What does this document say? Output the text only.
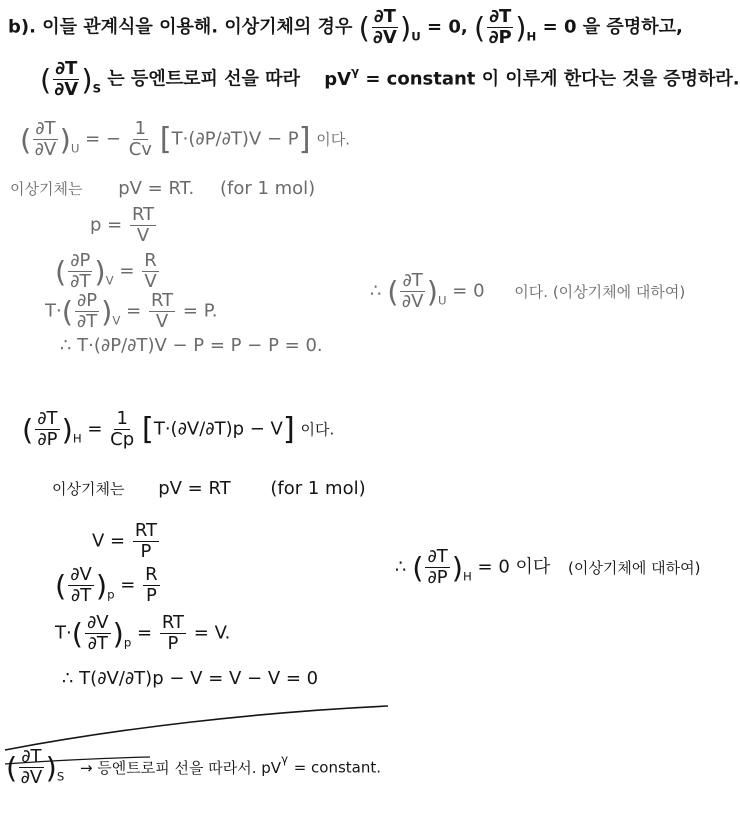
b). 이들 관계식을 이용해. 이상기체의 경우 ( $\frac{\partial T}{\partial V} )_U = 0$, ( $\frac{\partial T}{\partial P} )_H = 0$ 을 증명하고,
( $\frac{\partial T}{\partial V} )_S$ 는 등엔트로피 선을 따라 $pV^\gamma$ = constant 이 이루게 한다는 것을 증명하라.
( $\frac{\partial T}{\partial V} )_U$ = − $\frac{1}{Cv} [T\cdot(\partial P/\partial T)V - P]$ 이다.
이상기체는 pV = RT. (for 1 mol)
$p = \frac{RT}{V}$
( $\frac{\partial P}{\partial T} )_V = \frac{R}{V}$
$T\cdot( \frac{\partial P}{\partial T} )_V = \frac{RT}{V} = P$.
∴ T·(∂P/∂T)V − P = P − P = 0.
∴ ( $\frac{\partial T}{\partial V} )_U = 0$ 이다. (이상기체에 대하여)
( $\frac{\partial T}{\partial P} )_H = \frac{1}{Cp} [T\cdot(\partial V/\partial T)p - V]$ 이다.
이상기체는 pV = RT (for 1 mol)
$V = \frac{RT}{P}$
( $\frac{\partial V}{\partial T} )_p = \frac{R}{P}$
$T\cdot( \frac{\partial V}{\partial T} )_p = \frac{RT}{P} = V$.
∴ T(∂V/∂T)p − V = V − V = 0
∴ ( $\frac{\partial T}{\partial P} )_H = 0$ 이다 (이상기체에 대하여)
( $\frac{\partial T}{\partial V} )_S$ → 등엔트로피 선을 따라서. $pV^\gamma$ = constant.
